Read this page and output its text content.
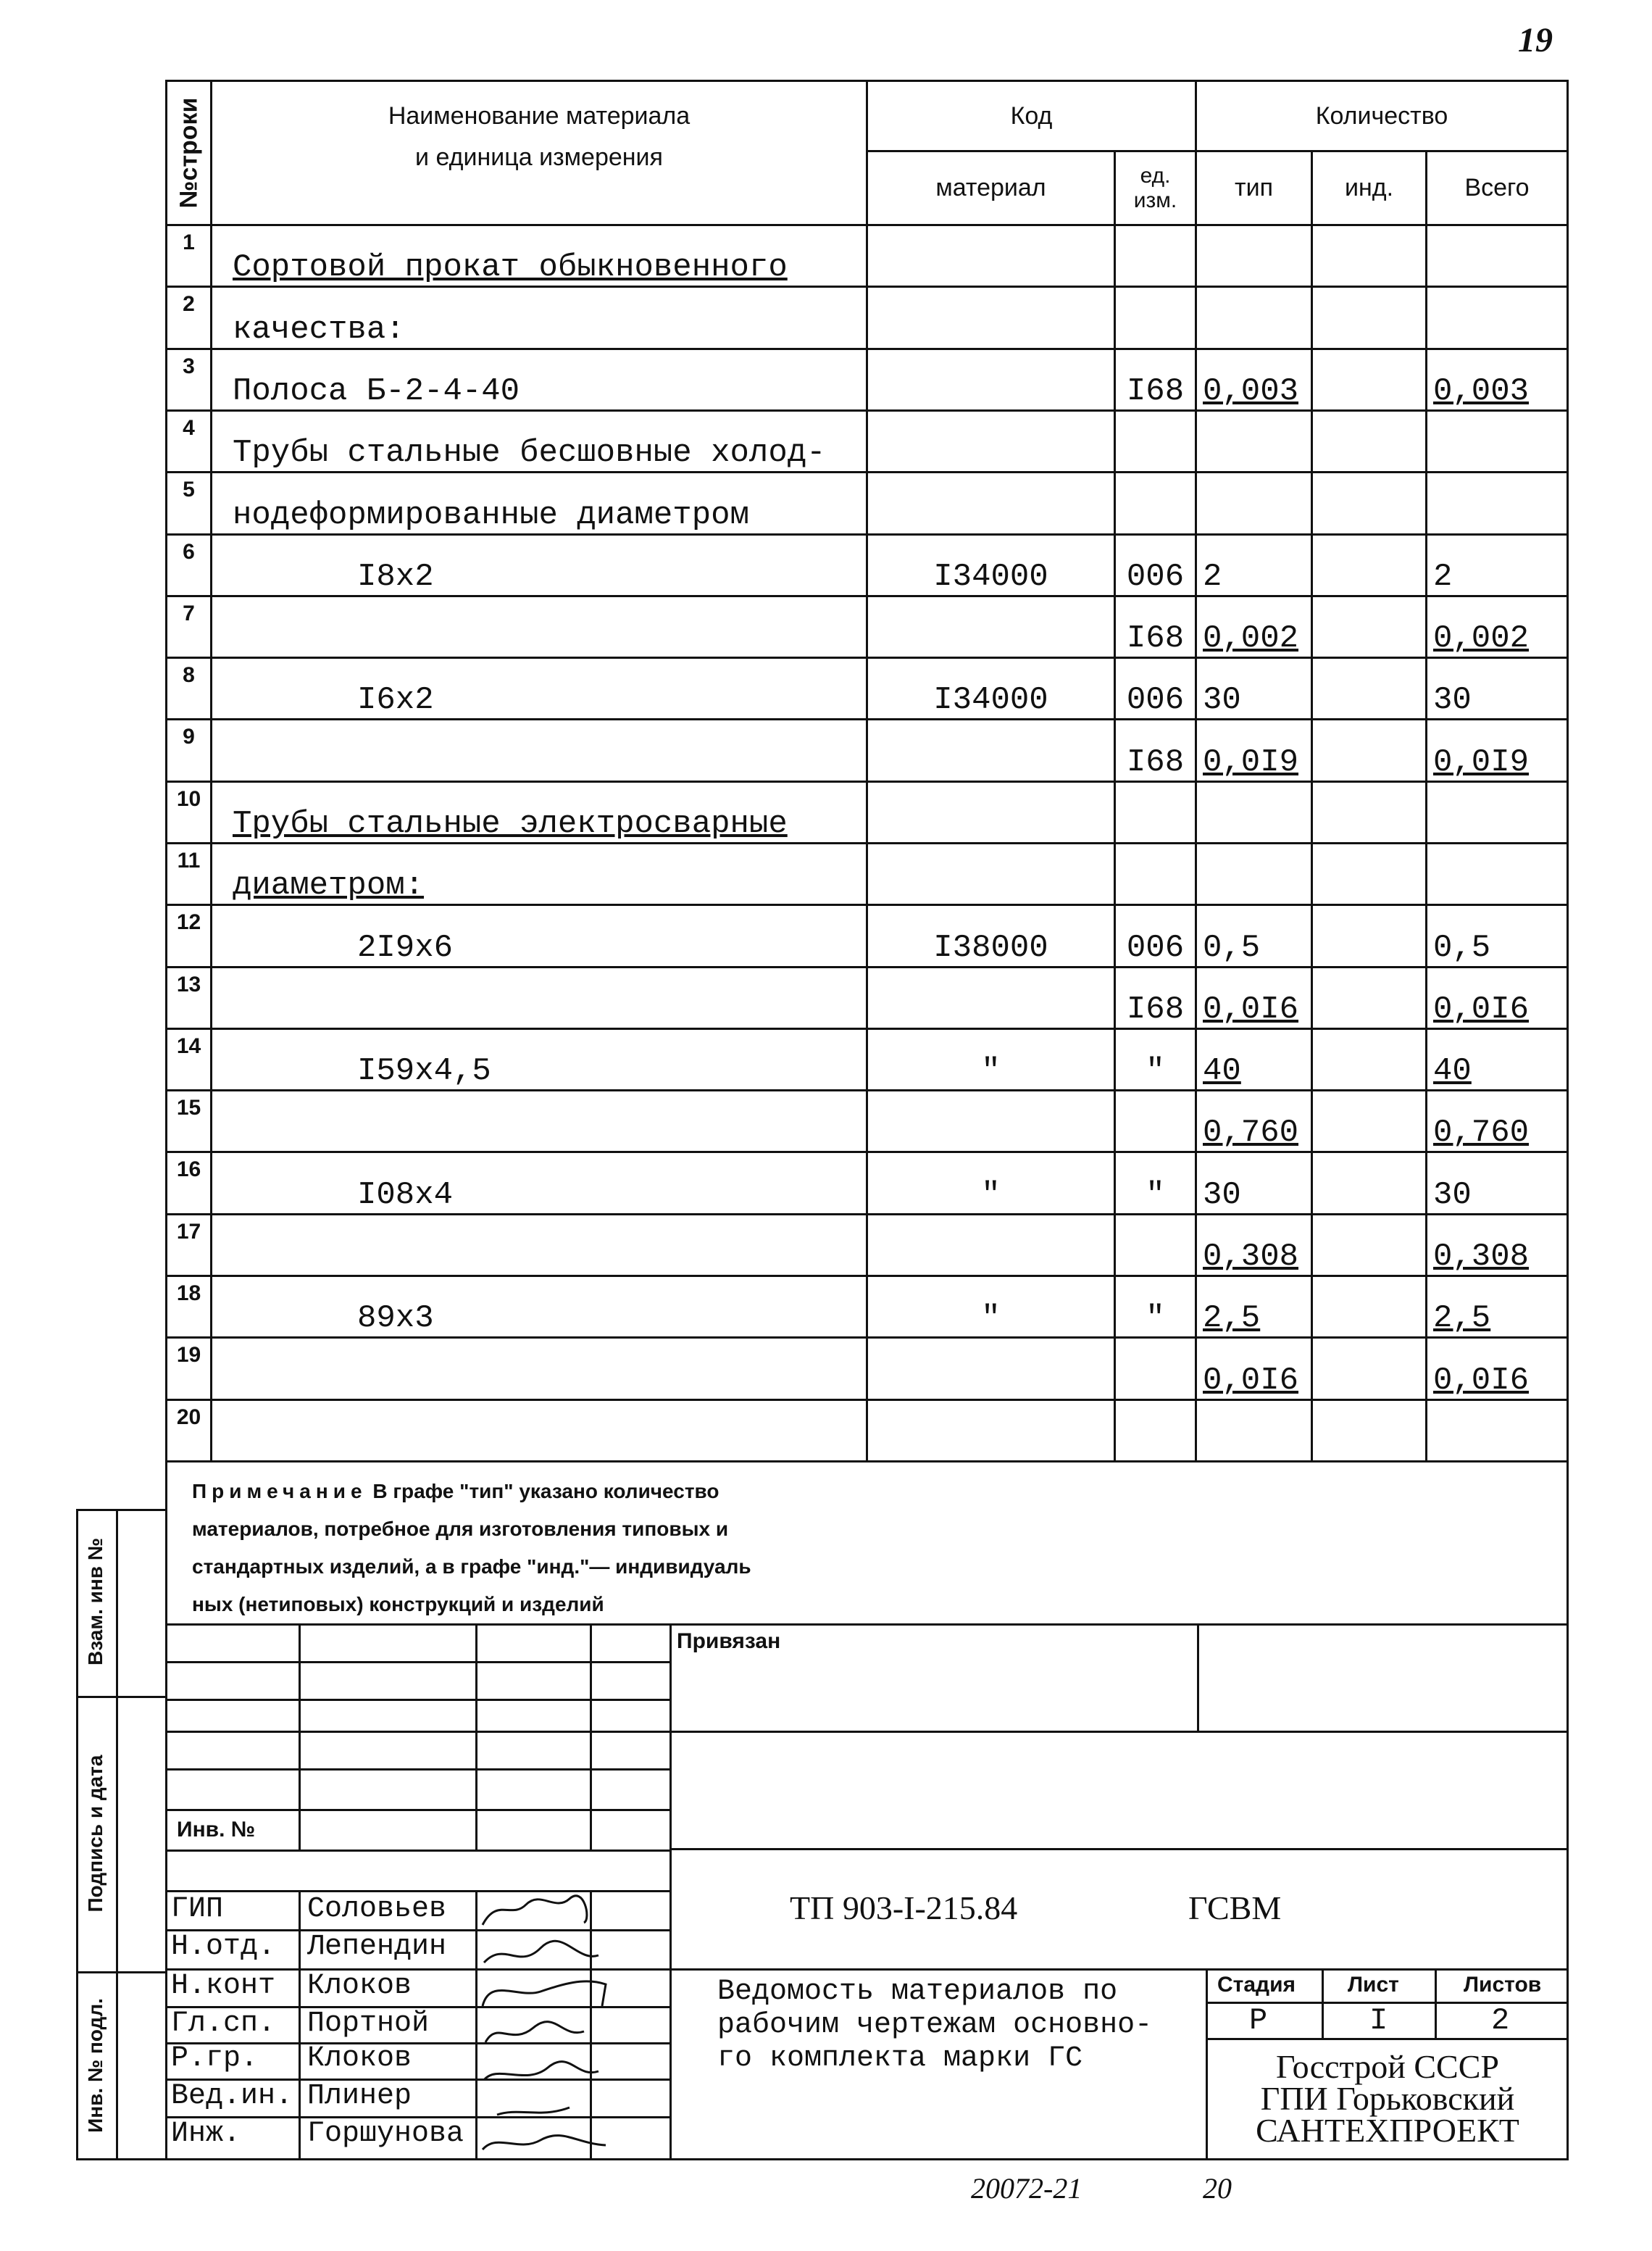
19
№строки	Наименование материала
и единица измерения	Код		Количество		
		материал	ед.
изм.	тип	инд.	Всего
1	Сортовой прокат обыкновенного					
2	качества:					
3	Полоса Б-2-4-40		I68	0,003		0,003
4	Трубы стальные бесшовные холод-					
5	нодеформированные диаметром					
6	I8x2	I34000	006	2		2
7			I68	0,002		0,002
8	I6x2	I34000	006	30		30
9			I68	0,0I9		0,0I9
10	Трубы стальные электросварные					
11	диаметром:					
12	2I9x6	I38000	006	0,5		0,5
13			I68	0,0I6		0,0I6
14	I59x4,5	"	"	40		40
15				0,760		0,760
16	I08x4	"	"	30		30
17				0,308		0,308
18	89x3	"	"	2,5		2,5
19				0,0I6		0,0I6
20						
Примечание В графе "тип" указано количество
материалов, потребное для изготовления типовых и
стандартных изделий, а в графе "инд."— индивидуаль
ных (нетиповых) конструкций и изделий
Взам. инв №
Подпись и дата
Инв. № подл.
Привязан
Инв. №
ТП 903-I-215.84	ГСВМ
ГИП	Соловьев
Н.отд. Лепендин
Н.конт Клоков
Гл.сп. Портной
Р.гр. Клоков
Вед.ин. Плинер
Инж. Горшунова
Ведомость материалов по
рабочим чертежам основно-
го комплекта марки ГС
Стадия Лист	Листов
Р	I	2
Госстрой СССР
ГПИ Горьковский
САНТЕХПРОЕКТ
20072-21	20
